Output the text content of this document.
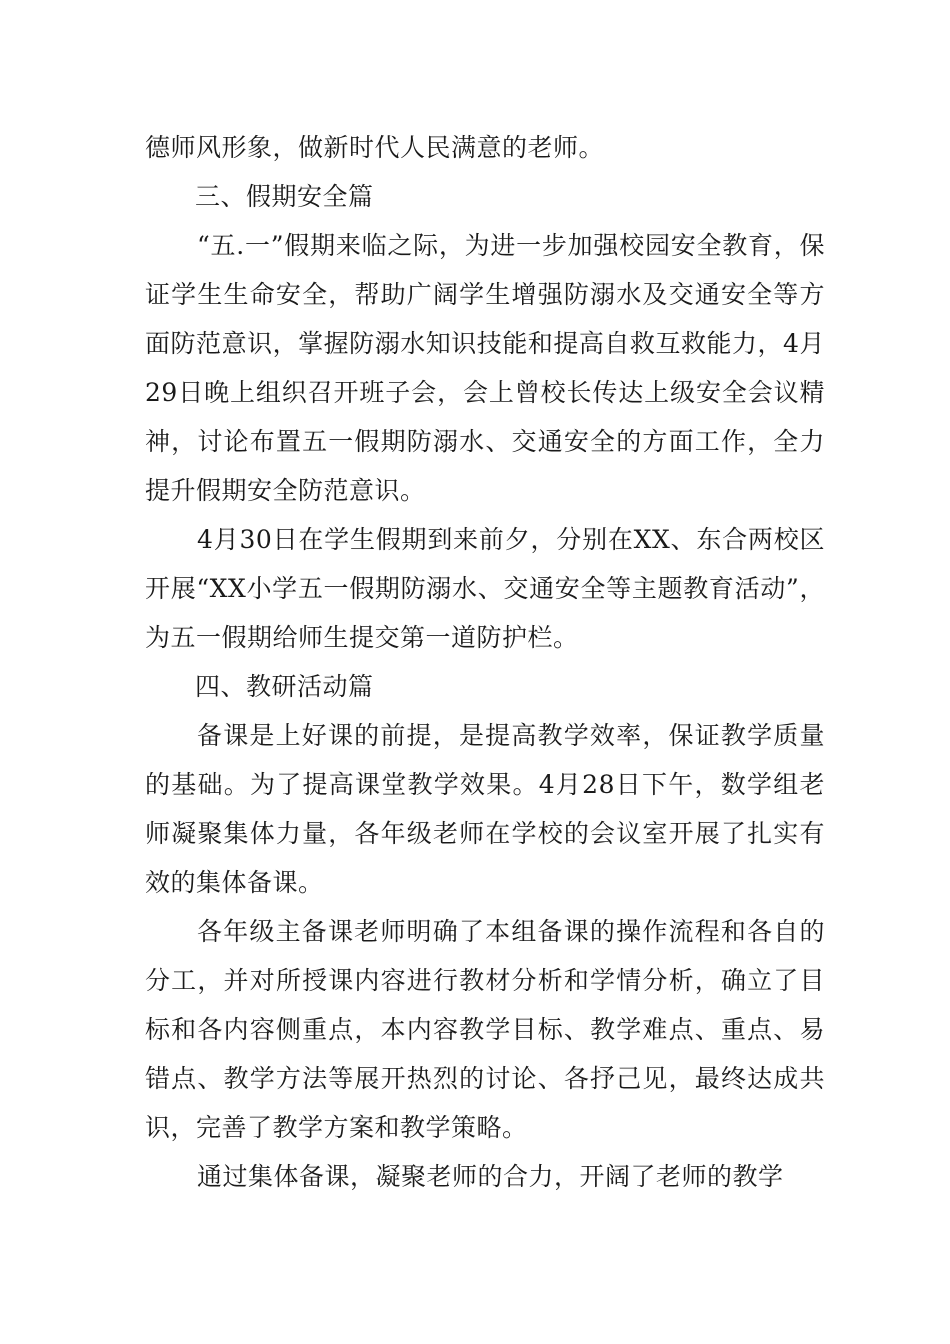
德师风形象，做新时代人民满意的老师。

三、假期安全篇

“五.一”假期来临之际，为进一步加强校园安全教育，保证学生生命安全，帮助广阔学生增强防溺水及交通安全等方面防范意识，掌握防溺水知识技能和提高自救互救能力，4月29日晚上组织召开班子会，会上曾校长传达上级安全会议精神，讨论布置五一假期防溺水、交通安全的方面工作，全力提升假期安全防范意识。

4月30日在学生假期到来前夕，分别在XX、东合两校区开展“XX小学五一假期防溺水、交通安全等主题教育活动”，为五一假期给师生提交第一道防护栏。

四、教研活动篇

备课是上好课的前提，是提高教学效率，保证教学质量的基础。为了提高课堂教学效果。4月28日下午，数学组老师凝聚集体力量，各年级老师在学校的会议室开展了扎实有效的集体备课。

各年级主备课老师明确了本组备课的操作流程和各自的分工，并对所授课内容进行教材分析和学情分析，确立了目标和各内容侧重点，本内容教学目标、教学难点、重点、易错点、教学方法等展开热烈的讨论、各抒己见，最终达成共识，完善了教学方案和教学策略。

通过集体备课，凝聚老师的合力，开阔了老师的教学
